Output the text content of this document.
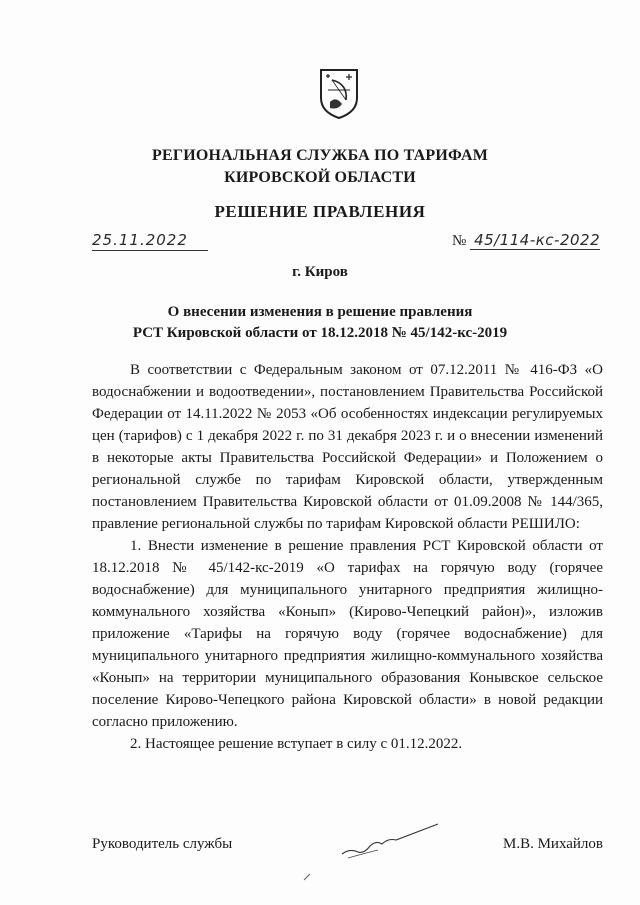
РЕГИОНАЛЬНАЯ СЛУЖБА ПО ТАРИФАМ
КИРОВСКОЙ ОБЛАСТИ
РЕШЕНИЕ ПРАВЛЕНИЯ
25.11.2022	№ 45/114-кс-2022
г. Киров
О внесении изменения в решение правления
РСТ Кировской области от 18.12.2018 № 45/142-кс-2019

В соответствии с Федеральным законом от 07.12.2011 № 416-ФЗ «О водоснабжении и водоотведении», постановлением Правительства Российской Федерации от 14.11.2022 № 2053 «Об особенностях индексации регулируемых цен (тарифов) с 1 декабря 2022 г. по 31 декабря 2023 г. и о внесении изменений в некоторые акты Правительства Российской Федерации» и Положением о региональной службе по тарифам Кировской области, утвержденным постановлением Правительства Кировской области от 01.09.2008 № 144/365, правление региональной службы по тарифам Кировской области РЕШИЛО:

1. Внести изменение в решение правления РСТ Кировской области от 18.12.2018 № 45/142-кс-2019 «О тарифах на горячую воду (горячее водоснабжение) для муниципального унитарного предприятия жилищно-коммунального хозяйства «Конып» (Кирово-Чепецкий район)», изложив приложение «Тарифы на горячую воду (горячее водоснабжение) для муниципального унитарного предприятия жилищно-коммунального хозяйства «Конып» на территории муниципального образования Конывское сельское поселение Кирово-Чепецкого района Кировской области» в новой редакции согласно приложению.

2. Настоящее решение вступает в силу с 01.12.2022.

Руководитель службы	М.В. Михайлов
